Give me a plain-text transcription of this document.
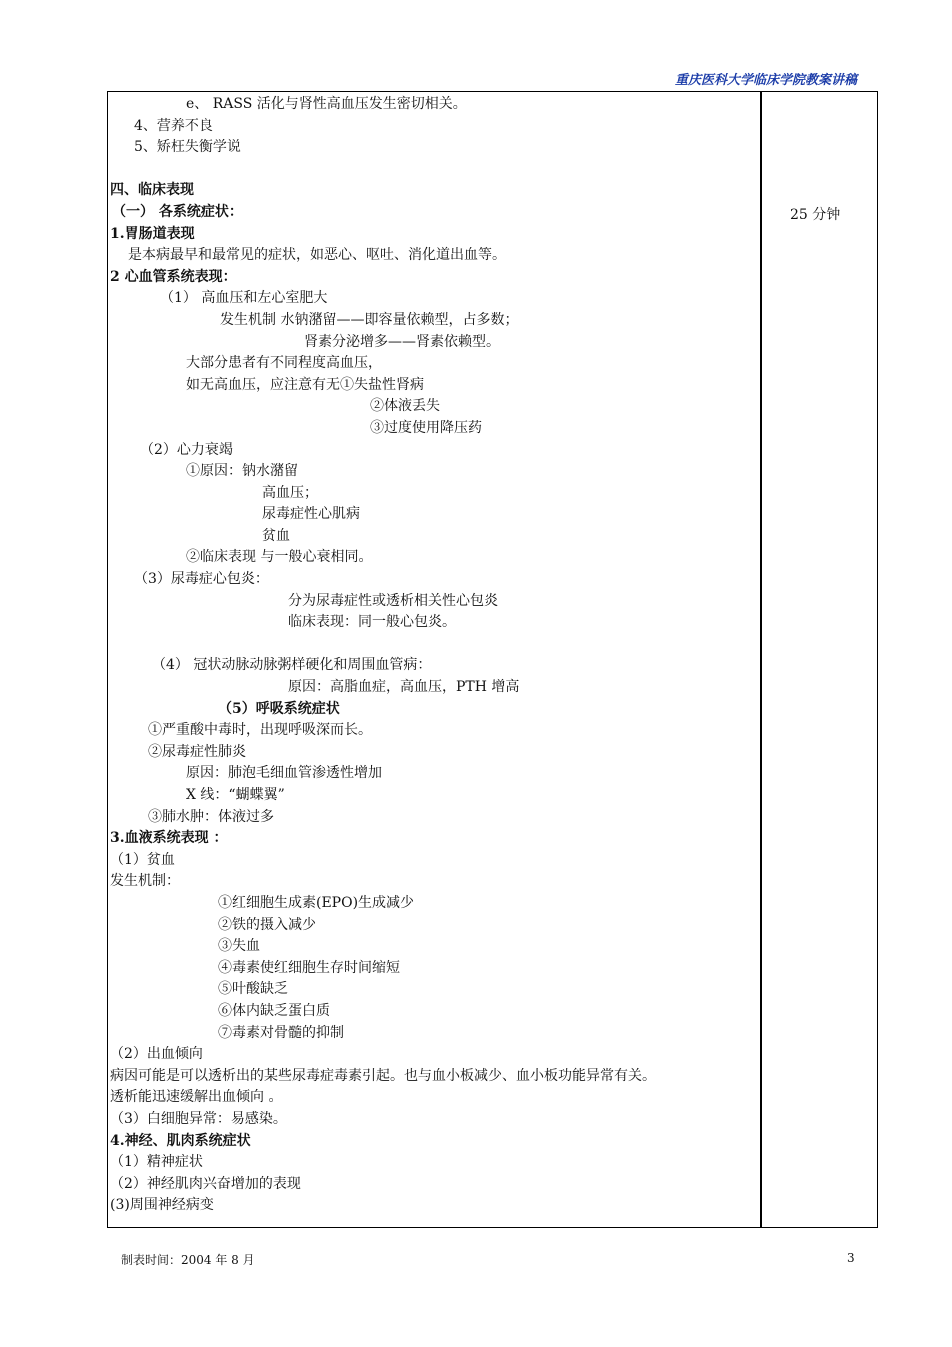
重庆医科大学临床学院教案讲稿
25 分钟
e、 RASS 活化与肾性高血压发生密切相关。
4、营养不良
5、矫枉失衡学说
四、临床表现
（一） 各系统症状：
1.胃肠道表现
是本病最早和最常见的症状，如恶心、呕吐、消化道出血等。
2 心血管系统表现：
（1） 高血压和左心室肥大
发生机制 水钠潴留——即容量依赖型，占多数；
肾素分泌增多——肾素依赖型。
大部分患者有不同程度高血压，
如无高血压，应注意有无①失盐性肾病
②体液丢失
③过度使用降压药
（2）心力衰竭
①原因：钠水潴留
高血压；
尿毒症性心肌病
贫血
②临床表现 与一般心衰相同。
（3）尿毒症心包炎：
分为尿毒症性或透析相关性心包炎
临床表现：同一般心包炎。
（4） 冠状动脉动脉粥样硬化和周围血管病：
原因：高脂血症，高血压，PTH 增高
（5）呼吸系统症状
①严重酸中毒时，出现呼吸深而长。
②尿毒症性肺炎
原因：肺泡毛细血管渗透性增加
X 线：“蝴蝶翼”
③肺水肿：体液过多
3.血液系统表现 ：
（1）贫血
发生机制：
①红细胞生成素(EPO)生成减少
②铁的摄入减少
③失血
④毒素使红细胞生存时间缩短
⑤叶酸缺乏
⑥体内缺乏蛋白质
⑦毒素对骨髓的抑制
（2）出血倾向
病因可能是可以透析出的某些尿毒症毒素引起。也与血小板减少、血小板功能异常有关。
透析能迅速缓解出血倾向 。
（3）白细胞异常：易感染。
4.神经、肌肉系统症状
（1）精神症状
（2）神经肌肉兴奋增加的表现
(3)周围神经病变
制表时间：2004 年 8 月	3
